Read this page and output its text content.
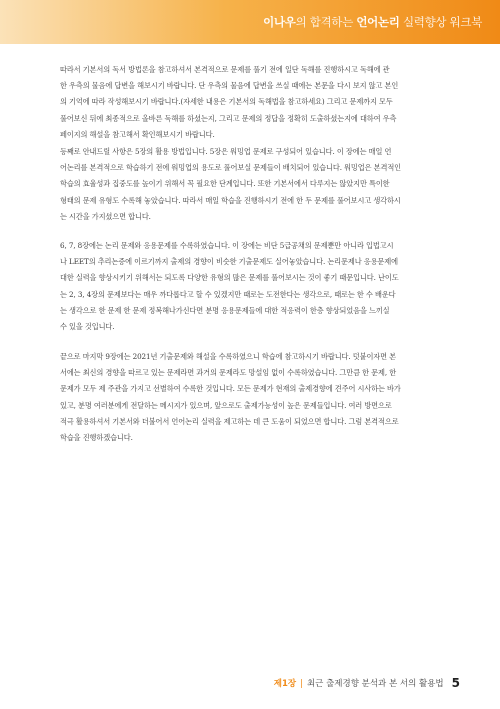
이나우의 합격하는 언어논리 실력향상 워크북
따라서 기본서의 독서 방법론을 참고하셔서 본격적으로 문제를 풀기 전에 일단 독해를 진행하시고 독해에 관
한 우측의 물음에 답변을 해보시기 바랍니다. 단 우측의 물음에 답변을 쓰실 때에는 본문을 다시 보지 않고 본인
의 기억에 따라 작성해보시기 바랍니다.(자세한 내용은 기본서의 독해법을 참고하세요) 그리고 문제까지 모두
풀어보신 뒤에 최종적으로 올바른 독해를 하셨는지, 그리고 문제의 정답을 정확히 도출하셨는지에 대하여 우측
페이지의 해설을 참고해서 확인해보시기 바랍니다.
등째로 안내드릴 사항은 5장의 활용 방법입니다. 5장은 워밍업 문제로 구성되어 있습니다. 이 장에는 매일 언
어논리를 본격적으로 학습하기 전에 워밍업의 용도로 풀어보실 문제들이 배치되어 있습니다. 워밍업은 본격적인
학습의 효율성과 집중도를 높이기 위해서 꼭 필요한 단계입니다. 또한 기본서에서 다루지는 않았지만 특이한
형태의 문제 유형도 수록해 놓았습니다. 따라서 매일 학습을 진행하시기 전에 한 두 문제를 풀어보시고 생각하시
는 시간을 가지셨으면 합니다.
6, 7, 8장에는 논리 문제와 응용문제를 수록하였습니다. 이 장에는 비단 5급공채의 문제뿐만 아니라 입법고시
나 LEET의 추리논증에 이르기까지 출제의 경향이 비슷한 기출문제도 실어놓았습니다. 논리문제나 응용문제에
대한 실력을 향상시키기 위해서는 되도록 다양한 유형의 많은 문제를 풀어보시는 것이 좋기 때문입니다. 난이도
는 2, 3, 4장의 문제보다는 매우 까다롭다고 할 수 있겠지만 때로는 도전한다는 생각으로, 때로는 한 수 배운다
는 생각으로 한 문제 한 문제 정복해나가신다면 분명 응용문제들에 대한 적응력이 한층 향상되었음을 느끼실
수 있을 것입니다.
끝으로 마지막 9장에는 2021년 기출문제와 해설을 수록하였으니 학습에 참고하시기 바랍니다. 덧붙이자면 본
서에는 최신의 경향을 따르고 있는 문제라면 과거의 문제라도 망설임 없이 수록하였습니다. 그만큼 한 문제, 한
문제가 모두 제 주관을 가지고 선별하여 수록한 것입니다. 모든 문제가 현재의 출제경향에 견주어 시사하는 바가
있고, 분명 여러분에게 전달하는 메시지가 있으며, 앞으로도 출제가능성이 높은 문제들입니다. 여러 방면으로
적극 활용하셔서 기본서와 더불어서 언어논리 실력을 제고하는 데 큰 도움이 되었으면 합니다. 그럼 본격적으로
학습을 진행하겠습니다.
제1장 | 최근 출제경향 분석과 본 서의 활용법 5
